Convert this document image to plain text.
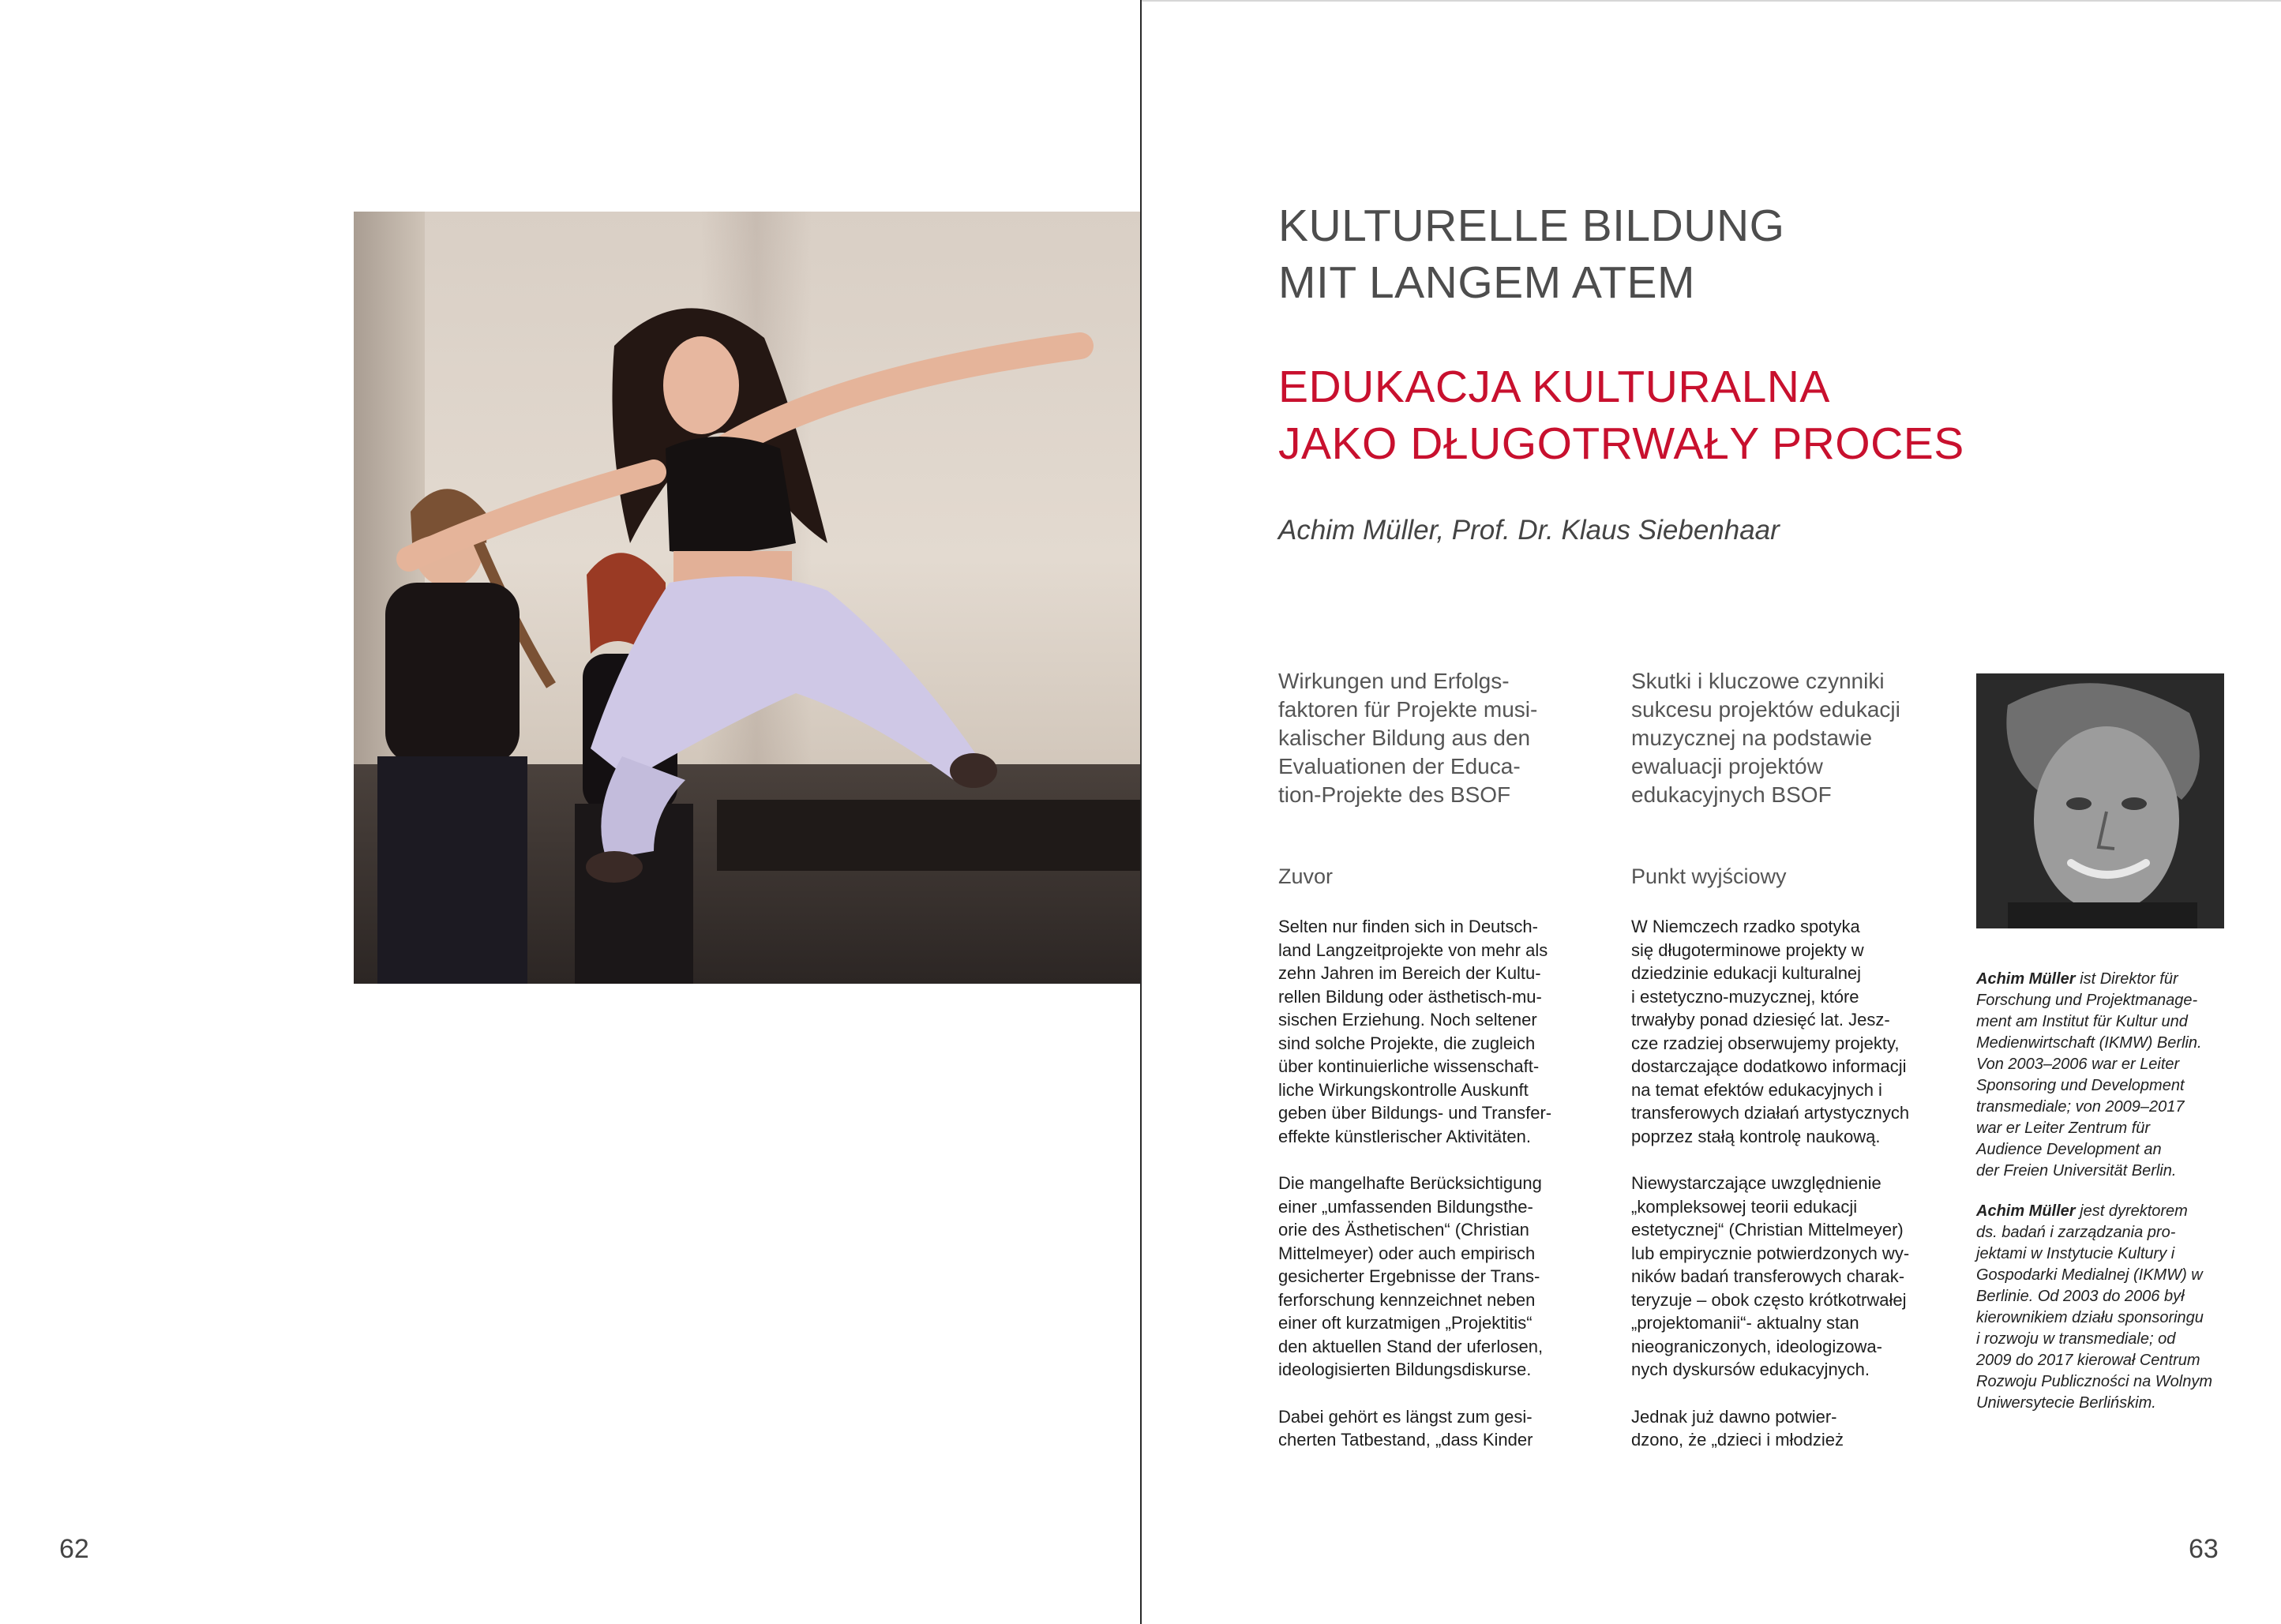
KULTURELLE BILDUNG
MIT LANGEM ATEM
EDUKACJA KULTURALNA
JAKO DŁUGOTRWAŁY PROCES
Achim Müller, Prof. Dr. Klaus Siebenhaar
Wirkungen und Erfolgs-
faktoren für Projekte musi-
kalischer Bildung aus den
Evaluationen der Educa-
tion-Projekte des BSOF
Zuvor

Selten nur finden sich in Deutsch-
land Langzeitprojekte von mehr als
zehn Jahren im Bereich der Kultu-
rellen Bildung oder ästhetisch-mu-
sischen Erziehung. Noch seltener
sind solche Projekte, die zugleich
über kontinuierliche wissenschaft-
liche Wirkungskontrolle Auskunft
geben über Bildungs- und Transfer-
effekte künstlerischer Aktivitäten.

Die mangelhafte Berücksichtigung
einer „umfassenden Bildungsthe-
orie des Ästhetischen“ (Christian
Mittelmeyer) oder auch empirisch
gesicherter Ergebnisse der Trans-
ferforschung kennzeichnet neben
einer oft kurzatmigen „Projektitis“
den aktuellen Stand der uferlosen,
ideologisierten Bildungsdiskurse.

Dabei gehört es längst zum gesi-
cherten Tatbestand, „dass Kinder

Skutki i kluczowe czynniki
sukcesu projektów edukacji
muzycznej na podstawie
ewaluacji projektów
edukacyjnych BSOF
Punkt wyjściowy

W Niemczech rzadko spotyka
się długoterminowe projekty w
dziedzinie edukacji kulturalnej
i estetyczno-muzycznej, które
trwałyby ponad dziesięć lat. Jesz-
cze rzadziej obserwujemy projekty,
dostarczające dodatkowo informacji
na temat efektów edukacyjnych i
transferowych działań artystycznych
poprzez stałą kontrolę naukową.

Niewystarczające uwzględnienie
„kompleksowej teorii edukacji
estetycznej“ (Christian Mittelmeyer)
lub empirycznie potwierdzonych wy-
ników badań transferowych charak-
teryzuje – obok często krótkotrwałej
„projektomanii“- aktualny stan
nieograniczonych, ideologizowa-
nych dyskursów edukacyjnych.

Jednak już dawno potwier-
dzono, że „dzieci i młodzież

Achim Müller ist Direktor für
Forschung und Projektmanage-
ment am Institut für Kultur und
Medienwirtschaft (IKMW) Berlin.
Von 2003–2006 war er Leiter
Sponsoring und Development
transmediale; von 2009–2017
war er Leiter Zentrum für
Audience Development an
der Freien Universität Berlin.

Achim Müller jest dyrektorem
ds. badań i zarządzania pro-
jektami w Instytucie Kultury i
Gospodarki Medialnej (IKMW) w
Berlinie. Od 2003 do 2006 był
kierownikiem działu sponsoringu
i rozwoju w transmediale; od
2009 do 2017 kierował Centrum
Rozwoju Publiczności na Wolnym
Uniwersytecie Berlińskim.

62	63
